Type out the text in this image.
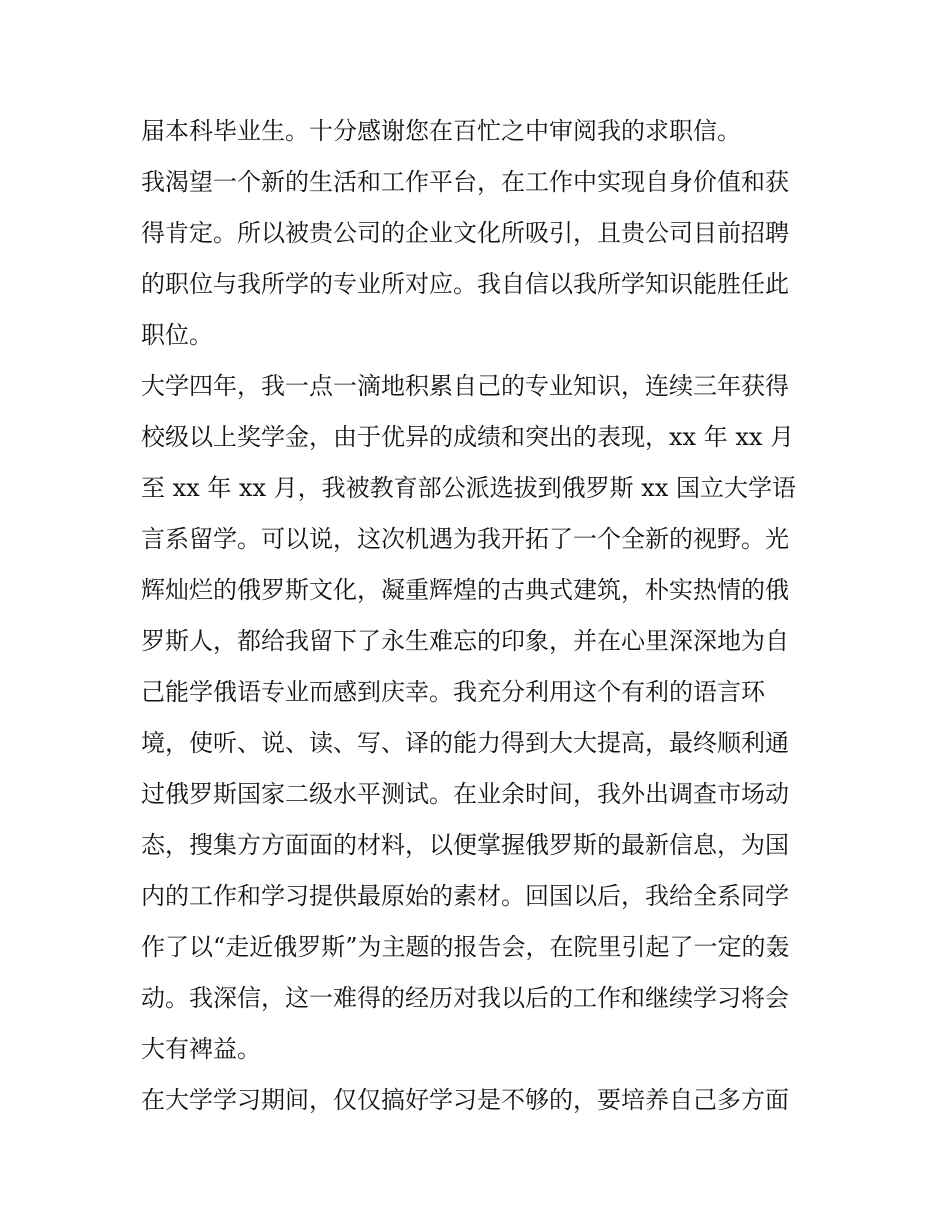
届本科毕业生。十分感谢您在百忙之中审阅我的求职信。
我渴望一个新的生活和工作平台，在工作中实现自身价值和获
得肯定。所以被贵公司的企业文化所吸引，且贵公司目前招聘
的职位与我所学的专业所对应。我自信以我所学知识能胜任此
职位。
大学四年，我一点一滴地积累自己的专业知识，连续三年获得
校级以上奖学金，由于优异的成绩和突出的表现，xx 年 xx 月
至 xx 年 xx 月，我被教育部公派选拔到俄罗斯 xx 国立大学语
言系留学。可以说，这次机遇为我开拓了一个全新的视野。光
辉灿烂的俄罗斯文化，凝重辉煌的古典式建筑，朴实热情的俄
罗斯人，都给我留下了永生难忘的印象，并在心里深深地为自
己能学俄语专业而感到庆幸。我充分利用这个有利的语言环
境，使听、说、读、写、译的能力得到大大提高，最终顺利通
过俄罗斯国家二级水平测试。在业余时间，我外出调查市场动
态，搜集方方面面的材料，以便掌握俄罗斯的最新信息，为国
内的工作和学习提供最原始的素材。回国以后，我给全系同学
作了以“走近俄罗斯”为主题的报告会，在院里引起了一定的轰
动。我深信，这一难得的经历对我以后的工作和继续学习将会
大有裨益。
在大学学习期间，仅仅搞好学习是不够的，要培养自己多方面
